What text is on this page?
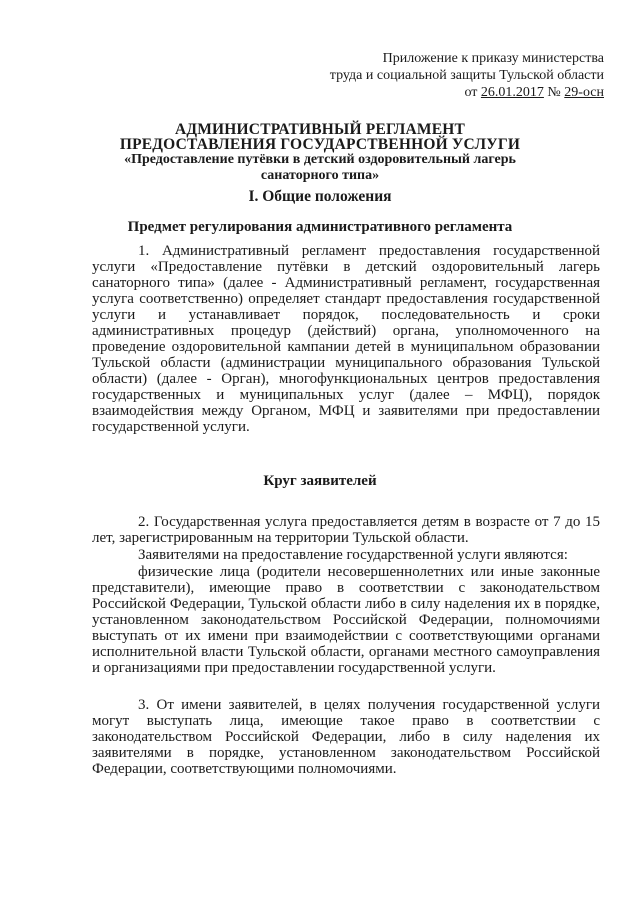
Приложение к приказу министерства
труда и социальной защиты Тульской области
от 26.01.2017 № 29-осн
АДМИНИСТРАТИВНЫЙ РЕГЛАМЕНТ
ПРЕДОСТАВЛЕНИЯ ГОСУДАРСТВЕННОЙ УСЛУГИ
«Предоставление путёвки в детский оздоровительный лагерь
санаторного типа»
I. Общие положения
Предмет регулирования административного регламента

1. Административный регламент предоставления государственной услуги «Предоставление путёвки в детский оздоровительный лагерь санаторного типа» (далее - Административный регламент, государственная услуга соответственно) определяет стандарт предоставления государственной услуги и устанавливает порядок, последовательность и сроки административных процедур (действий) органа, уполномоченного на проведение оздоровительной кампании детей в муниципальном образовании Тульской области (администрации муниципального образования Тульской области) (далее - Орган), многофункциональных центров предоставления государственных и муниципальных услуг (далее – МФЦ), порядок взаимодействия между Органом, МФЦ и заявителями при предоставлении государственной услуги.

Круг заявителей

2. Государственная услуга предоставляется детям в возрасте от 7 до 15 лет, зарегистрированным на территории Тульской области.

Заявителями на предоставление государственной услуги являются:

физические лица (родители несовершеннолетних или иные законные представители), имеющие право в соответствии с законодательством Российской Федерации, Тульской области либо в силу наделения их в порядке, установленном законодательством Российской Федерации, полномочиями выступать от их имени при взаимодействии с соответствующими органами исполнительной власти Тульской области, органами местного самоуправления и организациями при предоставлении государственной услуги.

3. От имени заявителей, в целях получения государственной услуги могут выступать лица, имеющие такое право в соответствии с законодательством Российской Федерации, либо в силу наделения их заявителями в порядке, установленном законодательством Российской Федерации, соответствующими полномочиями.
